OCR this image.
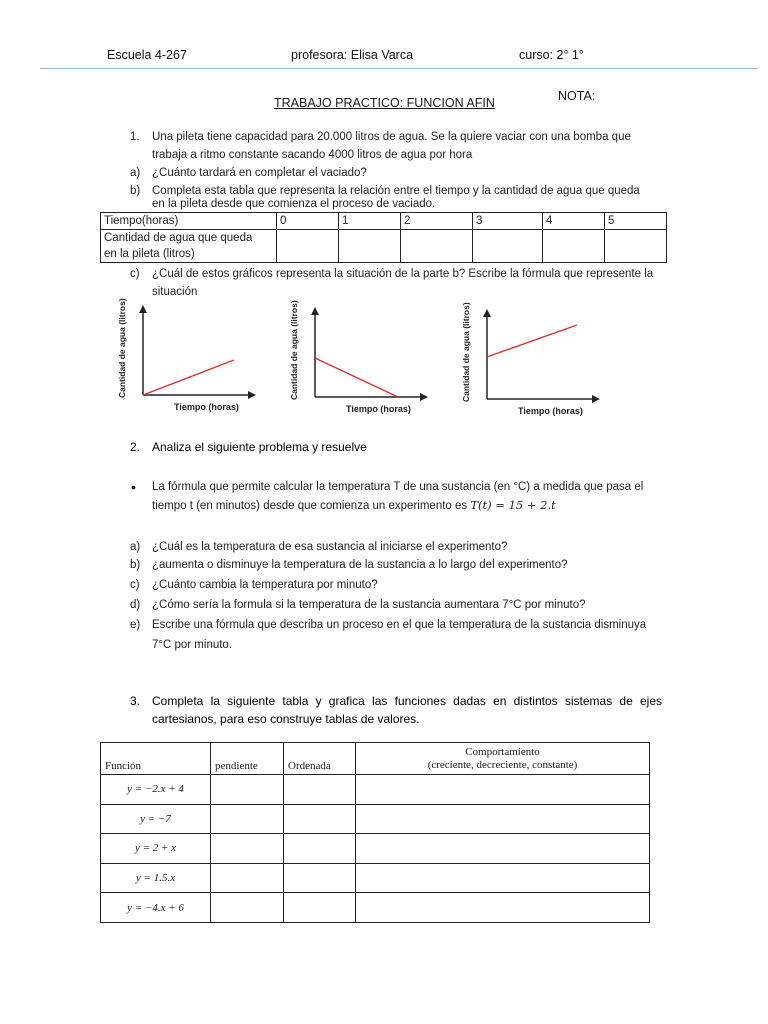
Escuela 4-267	profesora: Elisa Varca	curso: 2° 1°
NOTA:
TRABAJO PRACTICO: FUNCION AFIN
1. Una pileta tiene capacidad para 20.000 litros de agua. Se la quiere vaciar con una bomba que
trabaja a ritmo constante sacando 4000 litros de agua por hora
a) ¿Cuánto tardará en completar el vaciado?
b) Completa esta tabla que representa la relación entre el tiempo y la cantidad de agua que queda
en la pileta desde que comienza el proceso de vaciado.
Tiempo(horas)	0	1	2	3	4	5
Cantidad de agua que queda
en la pileta (litros)						
c) ¿Cuál de estos gráficos representa la situación de la parte b? Escribe la fórmula que represente la
situación
Cantidad de agua (litros)
Tiempo (horas)
Cantidad de agua (litros)
Tiempo (horas)
Cantidad de agua (litros)
Tiempo (horas)
2. Analiza el siguiente problema y resuelve
• La fórmula que permite calcular la temperatura T de una sustancia (en °C) a medida que pasa el
tiempo t (en minutos) desde que comienza un experimento es T(t) = 15 + 2.t
a) ¿Cuál es la temperatura de esa sustancia al iniciarse el experimento?
b) ¿aumenta o disminuye la temperatura de la sustancia a lo largo del experimento?
c) ¿Cuánto cambia la temperatura por minuto?
d) ¿Cómo sería la formula si la temperatura de la sustancia aumentara 7°C por minuto?
e) Escribe una fórmula que describa un proceso en el que la temperatura de la sustancia disminuya
7°C por minuto.
3. Completa la siguiente tabla y grafica las funciones dadas en distintos sistemas de ejes
cartesianos, para eso construye tablas de valores.
Función	pendiente	Ordenada	Comportamiento
(creciente, decreciente, constante)
y = −2.x + 4			
y = −7			
y = 2 + x			
y = 1.5.x			
y = −4.x + 6			
